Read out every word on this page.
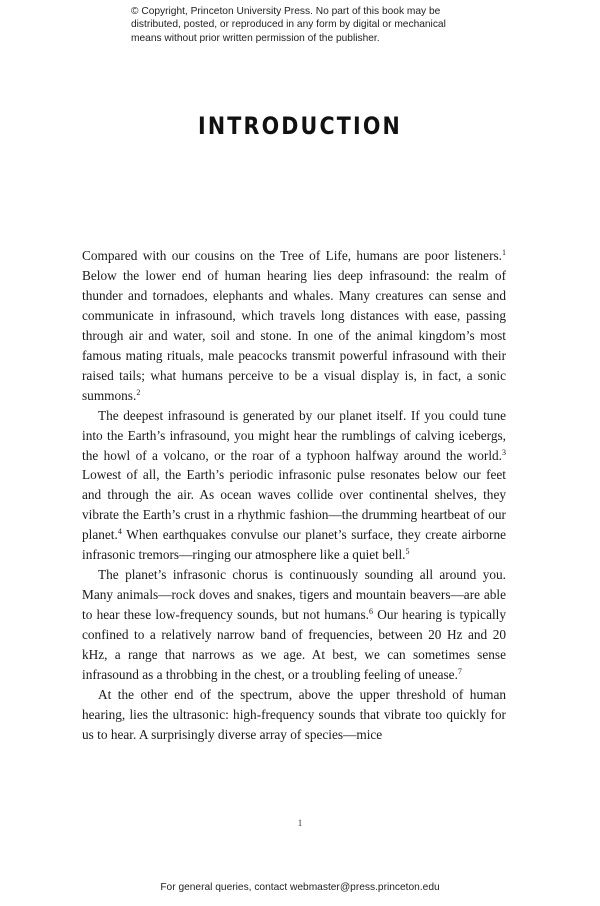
© Copyright, Princeton University Press. No part of this book may be
distributed, posted, or reproduced in any form by digital or mechanical
means without prior written permission of the publisher.
INTRODUCTION

Compared with our cousins on the Tree of Life, humans are poor listeners.$^1$ Below the lower end of human hearing lies deep infrasound: the realm of thunder and tornadoes, elephants and whales. Many creatures can sense and communicate in infrasound, which travels long distances with ease, passing through air and water, soil and stone. In one of the animal kingdom’s most famous mating rituals, male peacocks transmit powerful infrasound with their raised tails; what humans perceive to be a visual display is, in fact, a sonic summons.$^2$

The deepest infrasound is generated by our planet itself. If you could tune into the Earth’s infrasound, you might hear the rumblings of calving icebergs, the howl of a volcano, or the roar of a typhoon halfway around the world.$^3$ Lowest of all, the Earth’s periodic infrasonic pulse resonates below our feet and through the air. As ocean waves collide over continental shelves, they vibrate the Earth’s crust in a rhythmic fashion—the drumming heartbeat of our planet.$^4$ When earthquakes convulse our planet’s surface, they create airborne infrasonic tremors—ringing our atmosphere like a quiet bell.$^5$

The planet’s infrasonic chorus is continuously sounding all around you. Many animals—rock doves and snakes, tigers and mountain beavers—are able to hear these low-frequency sounds, but not humans.$^6$ Our hearing is typically confined to a relatively narrow band of frequencies, between 20 Hz and 20 kHz, a range that narrows as we age. At best, we can sometimes sense infrasound as a throbbing in the chest, or a troubling feeling of unease.$^7$

At the other end of the spectrum, above the upper threshold of human hearing, lies the ultrasonic: high-frequency sounds that vibrate too quickly for us to hear. A surprisingly diverse array of species—mice

1
For general queries, contact webmaster@press.princeton.edu
